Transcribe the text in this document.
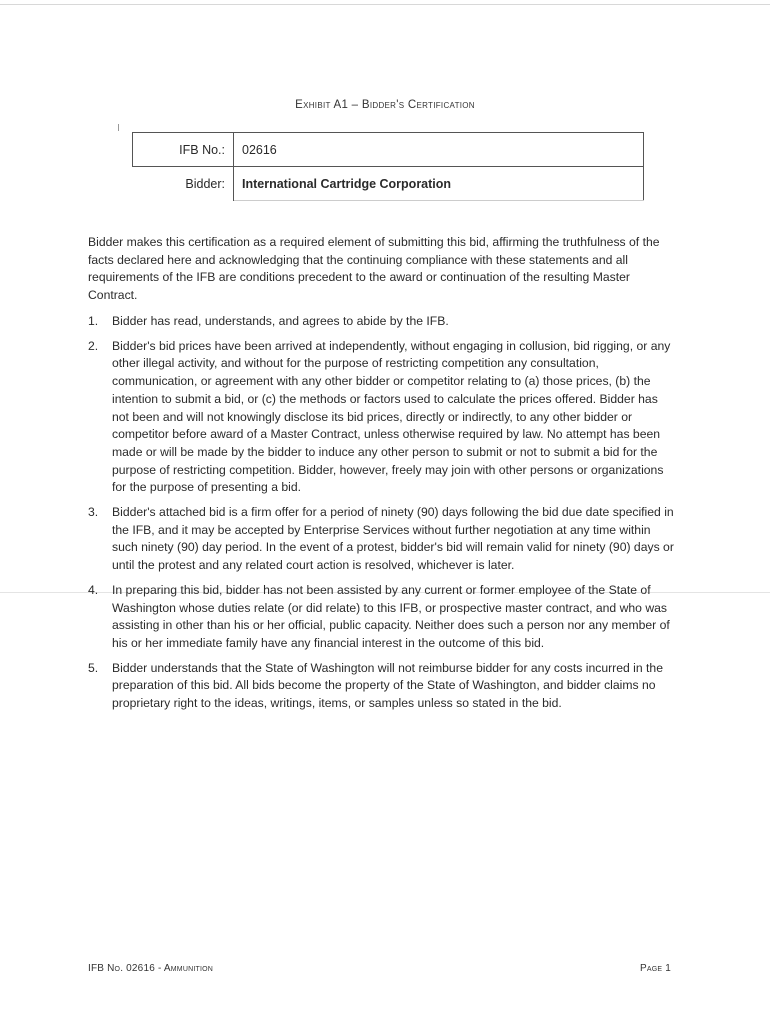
Exhibit A1 – Bidder's Certification
IFB No.:	02616
Bidder:	International Cartridge Corporation
Bidder makes this certification as a required element of submitting this bid, affirming the truthfulness of the facts declared here and acknowledging that the continuing compliance with these statements and all requirements of the IFB are conditions precedent to the award or continuation of the resulting Master Contract.
1. Bidder has read, understands, and agrees to abide by the IFB.
2. Bidder's bid prices have been arrived at independently, without engaging in collusion, bid rigging, or any other illegal activity, and without for the purpose of restricting competition any consultation, communication, or agreement with any other bidder or competitor relating to (a) those prices, (b) the intention to submit a bid, or (c) the methods or factors used to calculate the prices offered. Bidder has not been and will not knowingly disclose its bid prices, directly or indirectly, to any other bidder or competitor before award of a Master Contract, unless otherwise required by law. No attempt has been made or will be made by the bidder to induce any other person to submit or not to submit a bid for the purpose of restricting competition. Bidder, however, freely may join with other persons or organizations for the purpose of presenting a bid.
3. Bidder's attached bid is a firm offer for a period of ninety (90) days following the bid due date specified in the IFB, and it may be accepted by Enterprise Services without further negotiation at any time within such ninety (90) day period. In the event of a protest, bidder's bid will remain valid for ninety (90) days or until the protest and any related court action is resolved, whichever is later.
4. In preparing this bid, bidder has not been assisted by any current or former employee of the State of Washington whose duties relate (or did relate) to this IFB, or prospective master contract, and who was assisting in other than his or her official, public capacity. Neither does such a person nor any member of his or her immediate family have any financial interest in the outcome of this bid.
5. Bidder understands that the State of Washington will not reimburse bidder for any costs incurred in the preparation of this bid. All bids become the property of the State of Washington, and bidder claims no proprietary right to the ideas, writings, items, or samples unless so stated in the bid.
IFB No. 02616 - Ammunition	Page 1
